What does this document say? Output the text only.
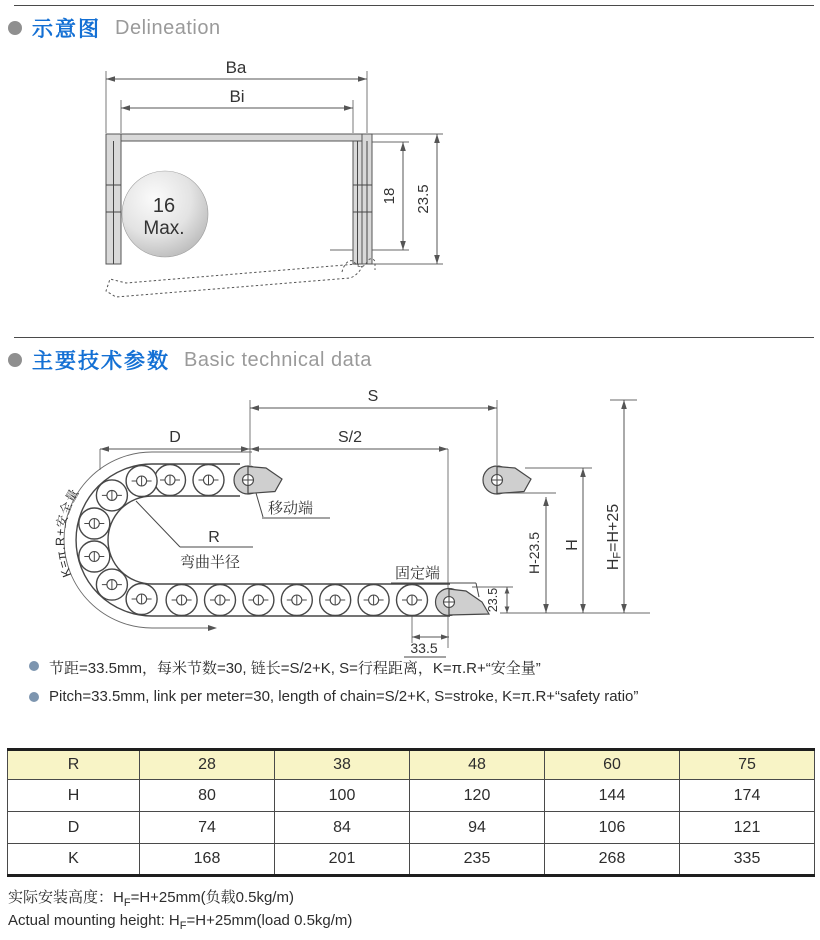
示意图 Delineation
Ba
Bi
16
Max.
18 23.5
主要技术参数 Basic technical data
K=π.R+安全量
S
S/2
D
移动端
R
弯曲半径
固定端	H-23.5 H
HF=H+25
23.5
33.5
节距=33.5mm，每米节数=30, 链长=S/2+K, S=行程距离，K=π.R+“安全量”
Pitch=33.5mm, link per meter=30, length of chain=S/2+K, S=stroke, K=π.R+“safety ratio”
R	28	38	48	60	75
H	80	100	120	144	174
D	74	84	94	106	121
K	168	201	235	268	335
实际安装高度：$H_F=H+25mm$(负载0.5kg/m)
Actual mounting height: $H_F=H+25mm(load$ 0.5kg/m)
